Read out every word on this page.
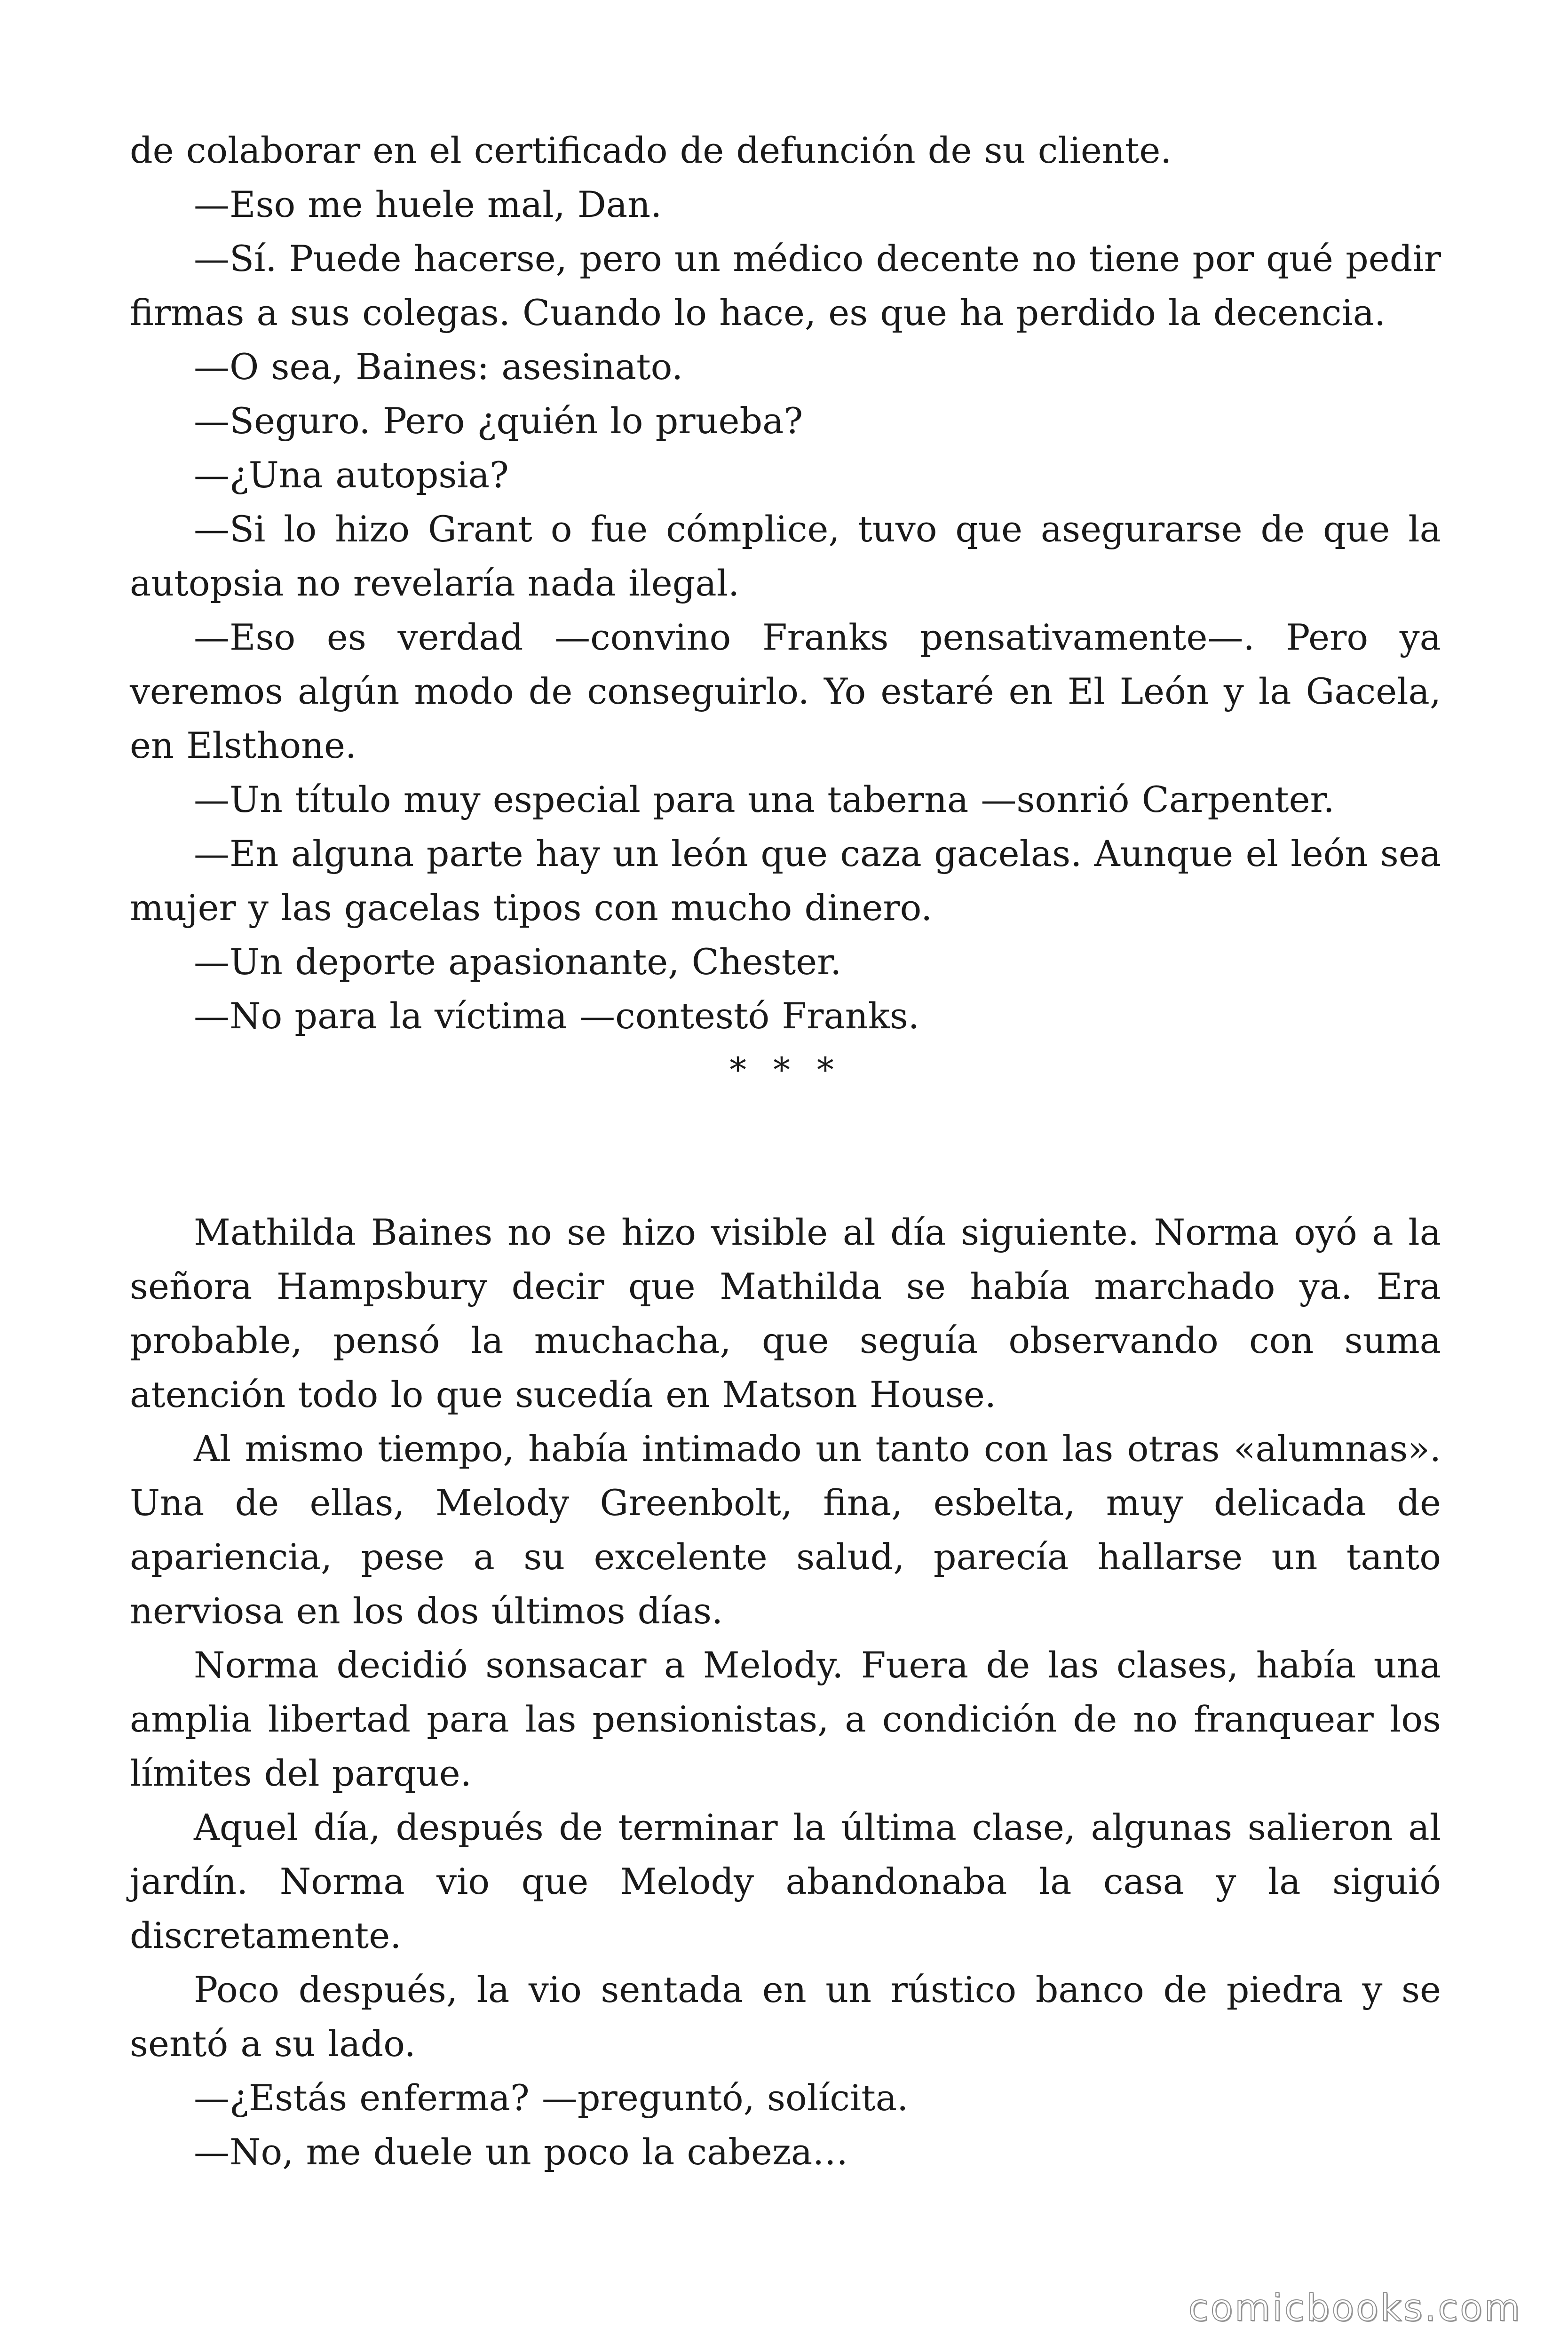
de colaborar en el certificado de defunción de su cliente.

—Eso me huele mal, Dan.

—Sí. Puede hacerse, pero un médico decente no tiene por qué pedir firmas a sus colegas. Cuando lo hace, es que ha perdido la decencia.

—O sea, Baines: asesinato.

—Seguro. Pero ¿quién lo prueba?

—¿Una autopsia?

—Si lo hizo Grant o fue cómplice, tuvo que asegurarse de que la autopsia no revelaría nada ilegal.

—Eso es verdad —convino Franks pensativamente—. Pero ya veremos algún modo de conseguirlo. Yo estaré en El León y la Gacela, en Elsthone.

—Un título muy especial para una taberna —sonrió Carpenter.

—En alguna parte hay un león que caza gacelas. Aunque el león sea mujer y las gacelas tipos con mucho dinero.

—Un deporte apasionante, Chester.

—No para la víctima —contestó Franks.

* * *

Mathilda Baines no se hizo visible al día siguiente. Norma oyó a la señora Hampsbury decir que Mathilda se había marchado ya. Era probable, pensó la muchacha, que seguía observando con suma atención todo lo que sucedía en Matson House.

Al mismo tiempo, había intimado un tanto con las otras «alumnas». Una de ellas, Melody Greenbolt, fina, esbelta, muy delicada de apariencia, pese a su excelente salud, parecía hallarse un tanto nerviosa en los dos últimos días.

Norma decidió sonsacar a Melody. Fuera de las clases, había una amplia libertad para las pensionistas, a condición de no franquear los límites del parque.

Aquel día, después de terminar la última clase, algunas salieron al jardín. Norma vio que Melody abandonaba la casa y la siguió discretamente.

Poco después, la vio sentada en un rústico banco de piedra y se sentó a su lado.

—¿Estás enferma? —preguntó, solícita.

—No, me duele un poco la cabeza…

comicbooks.com
